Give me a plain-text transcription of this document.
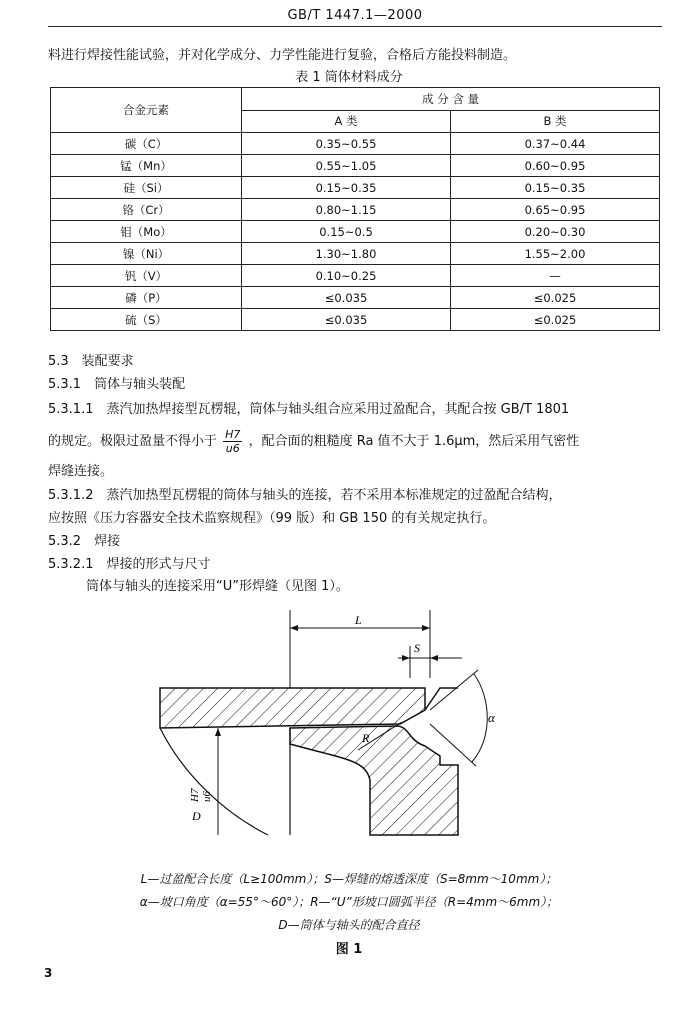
GB/T 1447.1—2000
料进行焊接性能试验，并对化学成分、力学性能进行复验，合格后方能投料制造。
表 1 筒体材料成分
合金元素	成 分 含 量	
	A 类	B 类
碳（C）	0.35~0.55	0.37~0.44
锰（Mn）	0.55~1.05	0.60~0.95
硅（Si）	0.15~0.35	0.15~0.35
铬（Cr）	0.80~1.15	0.65~0.95
钼（Mo）	0.15~0.5	0.20~0.30
镍（Ni）	1.30~1.80	1.55~2.00
钒（V）	0.10~0.25	—
磷（P）	≤0.035	≤0.025
硫（S）	≤0.035	≤0.025
5.3　装配要求
5.3.1　筒体与轴头装配
5.3.1.1　蒸汽加热焊接型瓦楞辊，筒体与轴头组合应采用过盈配合，其配合按 GB/T 1801
的规定。极限过盈量不得小于 $\frac{H7}{u6}$ ，配合面的粗糙度 Ra 值不大于 1.6μm，然后采用气密性
焊缝连接。
5.3.1.2　蒸汽加热型瓦楞辊的筒体与轴头的连接，若不采用本标准规定的过盈配合结构，
应按照《压力容器安全技术监察规程》（99 版）和 GB 150 的有关规定执行。
5.3.2　焊接
5.3.2.1　焊接的形式与尺寸
筒体与轴头的连接采用“U”形焊缝（见图 1）。
L
S
D
H7 u6
α
R
L—过盈配合长度（L≥100mm）；S—焊缝的熔透深度（S=8mm～10mm）；
α—坡口角度（α=55°～60°）；R—“U”形坡口圆弧半径（R=4mm～6mm）；
D—筒体与轴头的配合直径
图 1
3
